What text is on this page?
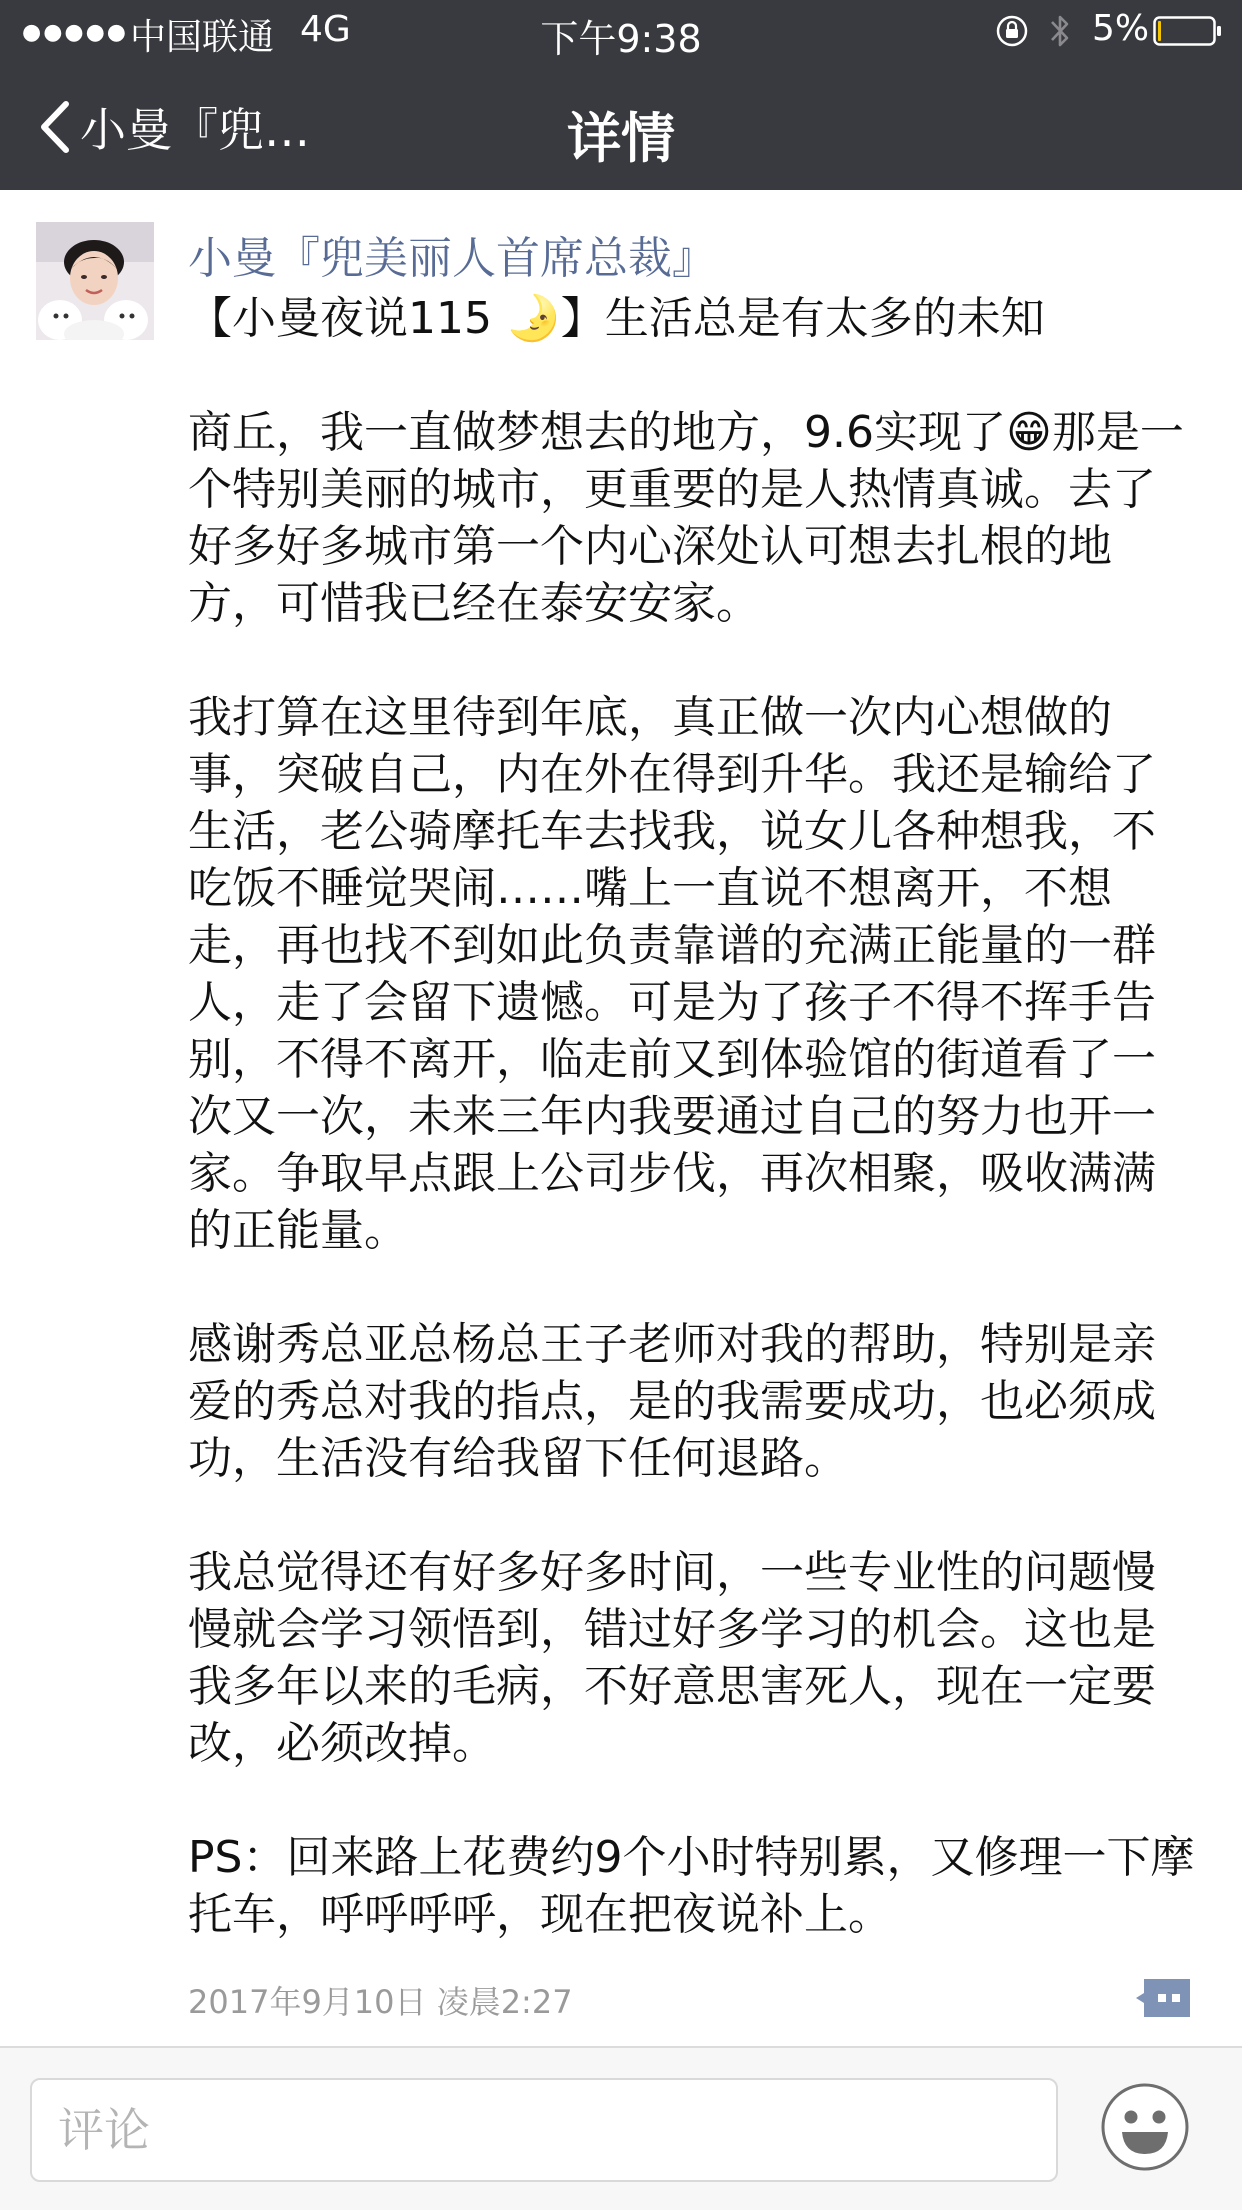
●●●●● 中国联通 4G	下午9:38	5%
小曼『兜…	详情
小曼『兜美丽人首席总裁』

【小曼夜说115 🌛】生活总是有太多的未知

商丘，我一直做梦想去的地方，9.6实现了😁那是一个特别美丽的城市，更重要的是人热情真诚。去了好多好多城市第一个内心深处认可想去扎根的地方，可惜我已经在泰安安家。

我打算在这里待到年底，真正做一次内心想做的事，突破自己，内在外在得到升华。我还是输给了生活，老公骑摩托车去找我，说女儿各种想我，不吃饭不睡觉哭闹……嘴上一直说不想离开，不想走，再也找不到如此负责靠谱的充满正能量的一群人，走了会留下遗憾。可是为了孩子不得不挥手告别，不得不离开，临走前又到体验馆的街道看了一次又一次，未来三年内我要通过自己的努力也开一家。争取早点跟上公司步伐，再次相聚，吸收满满的正能量。

感谢秀总亚总杨总王子老师对我的帮助，特别是亲爱的秀总对我的指点，是的我需要成功，也必须成功，生活没有给我留下任何退路。

我总觉得还有好多好多时间，一些专业性的问题慢慢就会学习领悟到，错过好多学习的机会。这也是我多年以来的毛病，不好意思害死人，现在一定要改，必须改掉。

PS：回来路上花费约9个小时特别累，又修理一下摩托车，呼呼呼呼，现在把夜说补上。

2017年9月10日 凌晨2:27
评论
